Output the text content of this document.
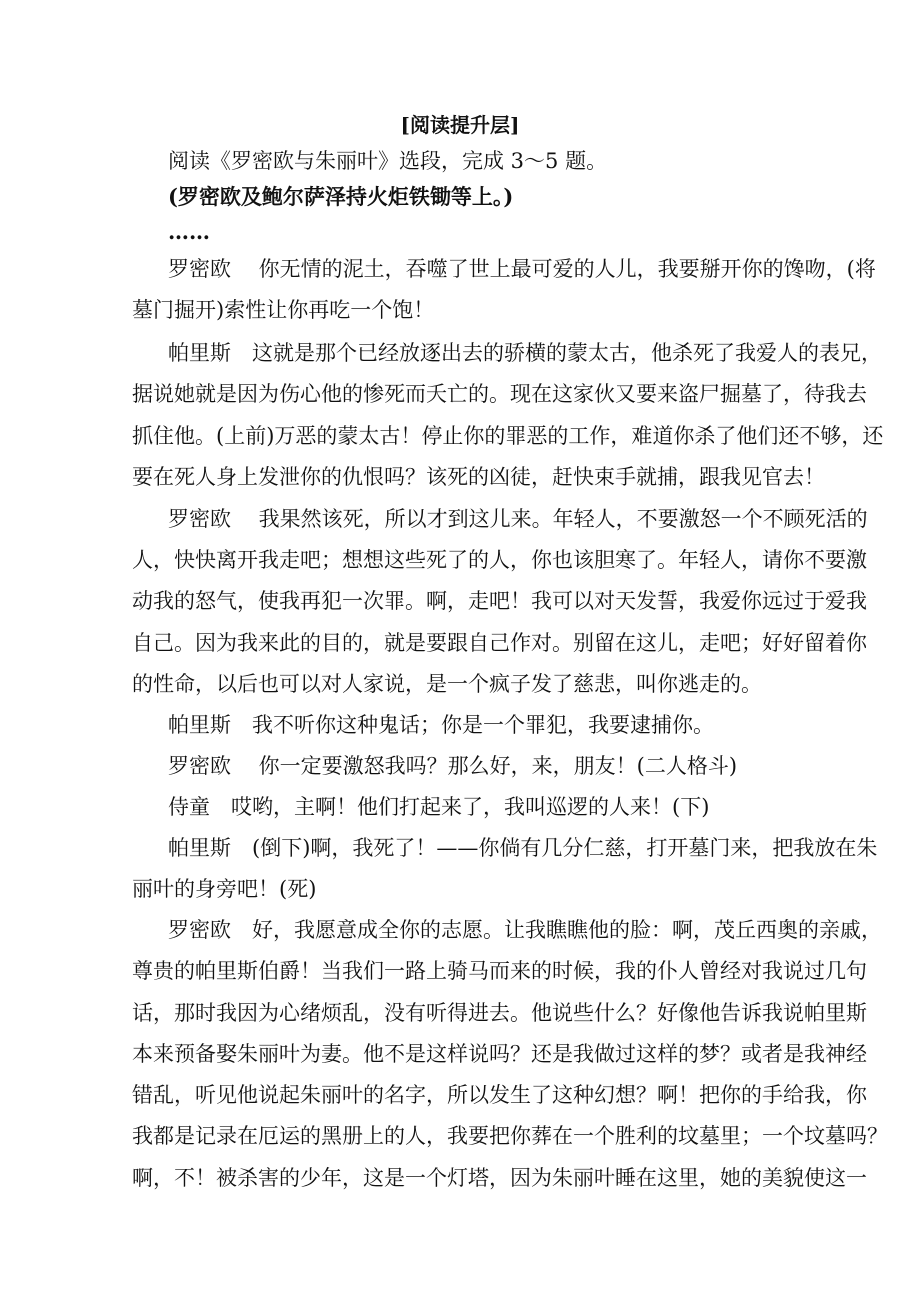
[阅读提升层]
阅读《罗密欧与朱丽叶》选段，完成 3～5 题。
(罗密欧及鲍尔萨泽持火炬铁锄等上。)
……
罗密欧　 你无情的泥土，吞噬了世上最可爱的人儿，我要掰开你的馋吻，(将
墓门掘开)索性让你再吃一个饱！
帕里斯　这就是那个已经放逐出去的骄横的蒙太古，他杀死了我爱人的表兄，
据说她就是因为伤心他的惨死而夭亡的。现在这家伙又要来盗尸掘墓了，待我去
抓住他。(上前)万恶的蒙太古！停止你的罪恶的工作，难道你杀了他们还不够，还
要在死人身上发泄你的仇恨吗？该死的凶徒，赶快束手就捕，跟我见官去！
罗密欧　 我果然该死，所以才到这儿来。年轻人，不要激怒一个不顾死活的
人，快快离开我走吧；想想这些死了的人，你也该胆寒了。年轻人，请你不要激
动我的怒气，使我再犯一次罪。啊，走吧！我可以对天发誓，我爱你远过于爱我
自己。因为我来此的目的，就是要跟自己作对。别留在这儿，走吧；好好留着你
的性命，以后也可以对人家说，是一个疯子发了慈悲，叫你逃走的。
帕里斯　我不听你这种鬼话；你是一个罪犯，我要逮捕你。
罗密欧　 你一定要激怒我吗？那么好，来，朋友！(二人格斗)
侍童　哎哟，主啊！他们打起来了，我叫巡逻的人来！(下)
帕里斯　(倒下)啊，我死了！——你倘有几分仁慈，打开墓门来，把我放在朱
丽叶的身旁吧！(死)
罗密欧　好，我愿意成全你的志愿。让我瞧瞧他的脸：啊，茂丘西奥的亲戚，
尊贵的帕里斯伯爵！当我们一路上骑马而来的时候，我的仆人曾经对我说过几句
话，那时我因为心绪烦乱，没有听得进去。他说些什么？好像他告诉我说帕里斯
本来预备娶朱丽叶为妻。他不是这样说吗？还是我做过这样的梦？或者是我神经
错乱，听见他说起朱丽叶的名字，所以发生了这种幻想？啊！把你的手给我，你
我都是记录在厄运的黑册上的人，我要把你葬在一个胜利的坟墓里；一个坟墓吗？
啊，不！被杀害的少年，这是一个灯塔，因为朱丽叶睡在这里，她的美貌使这一
